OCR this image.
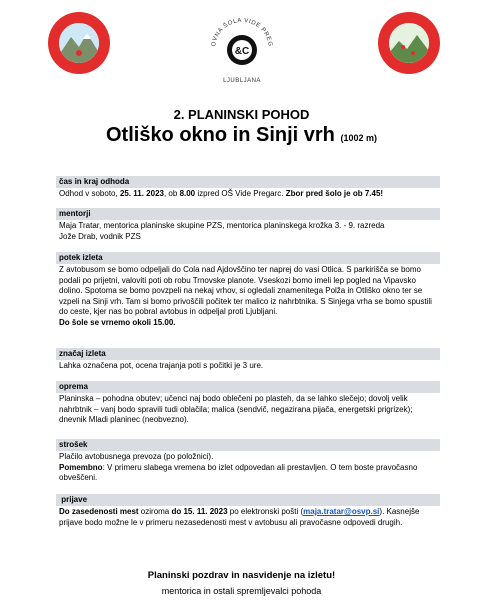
OVNA ŠOLA VIDE PREG
&C
LJUBLJANA
2. PLANINSKI POHOD
Otliško okno in Sinji vrh (1002 m)
čas in kraj odhoda
Odhod v soboto, 25. 11. 2023, ob 8.00 izpred OŠ Vide Pregarc. Zbor pred šolo je ob 7.45!
mentorji
Maja Tratar, mentorica planinske skupine PZS, mentorica planinskega krožka 3. - 9. razreda
Jože Drab, vodnik PZS
potek izleta
Z avtobusom se bomo odpeljali do Cola nad Ajdovščino ter naprej do vasi Otlica. S parkirišča se bomo podali po prijetni, valoviti poti ob robu Trnovske planote. Vseskozi bomo imeli lep pogled na Vipavsko dolino. Spotoma se bomo povzpeli na nekaj vrhov, si ogledali znamenitega Polža in Otliško okno ter se vzpeli na Sinji vrh. Tam si bomo privoščili počitek ter malico iz nahrbtnika. S Sinjega vrha se bomo spustili do ceste, kjer nas bo pobral avtobus in odpeljal proti Ljubljani.
Do šole se vrnemo okoli 15.00.
značaj izleta
Lahka označena pot, ocena trajanja poti s počitki je 3 ure.
oprema
Planinska – pohodna obutev; učenci naj bodo oblečeni po plasteh, da se lahko slečejo; dovolj velik nahrbtnik – vanj bodo spravili tudi oblačila; malica (sendvič, negazirana pijača, energetski prigrizek); dnevnik Mladi planinec (neobvezno).
strošek
Plačilo avtobusnega prevoza (po položnici).
Pomembno: V primeru slabega vremena bo izlet odpovedan ali prestavljen. O tem boste pravočasno obveščeni.
prijave
Do zasedenosti mest oziroma do 15. 11. 2023 po elektronski pošti (maja.tratar@osvp.si). Kasnejše prijave bodo možne le v primeru nezasedenosti mest v avtobusu ali pravočasne odpovedi drugih.
Planinski pozdrav in nasvidenje na izletu!
mentorica in ostali spremljevalci pohoda
